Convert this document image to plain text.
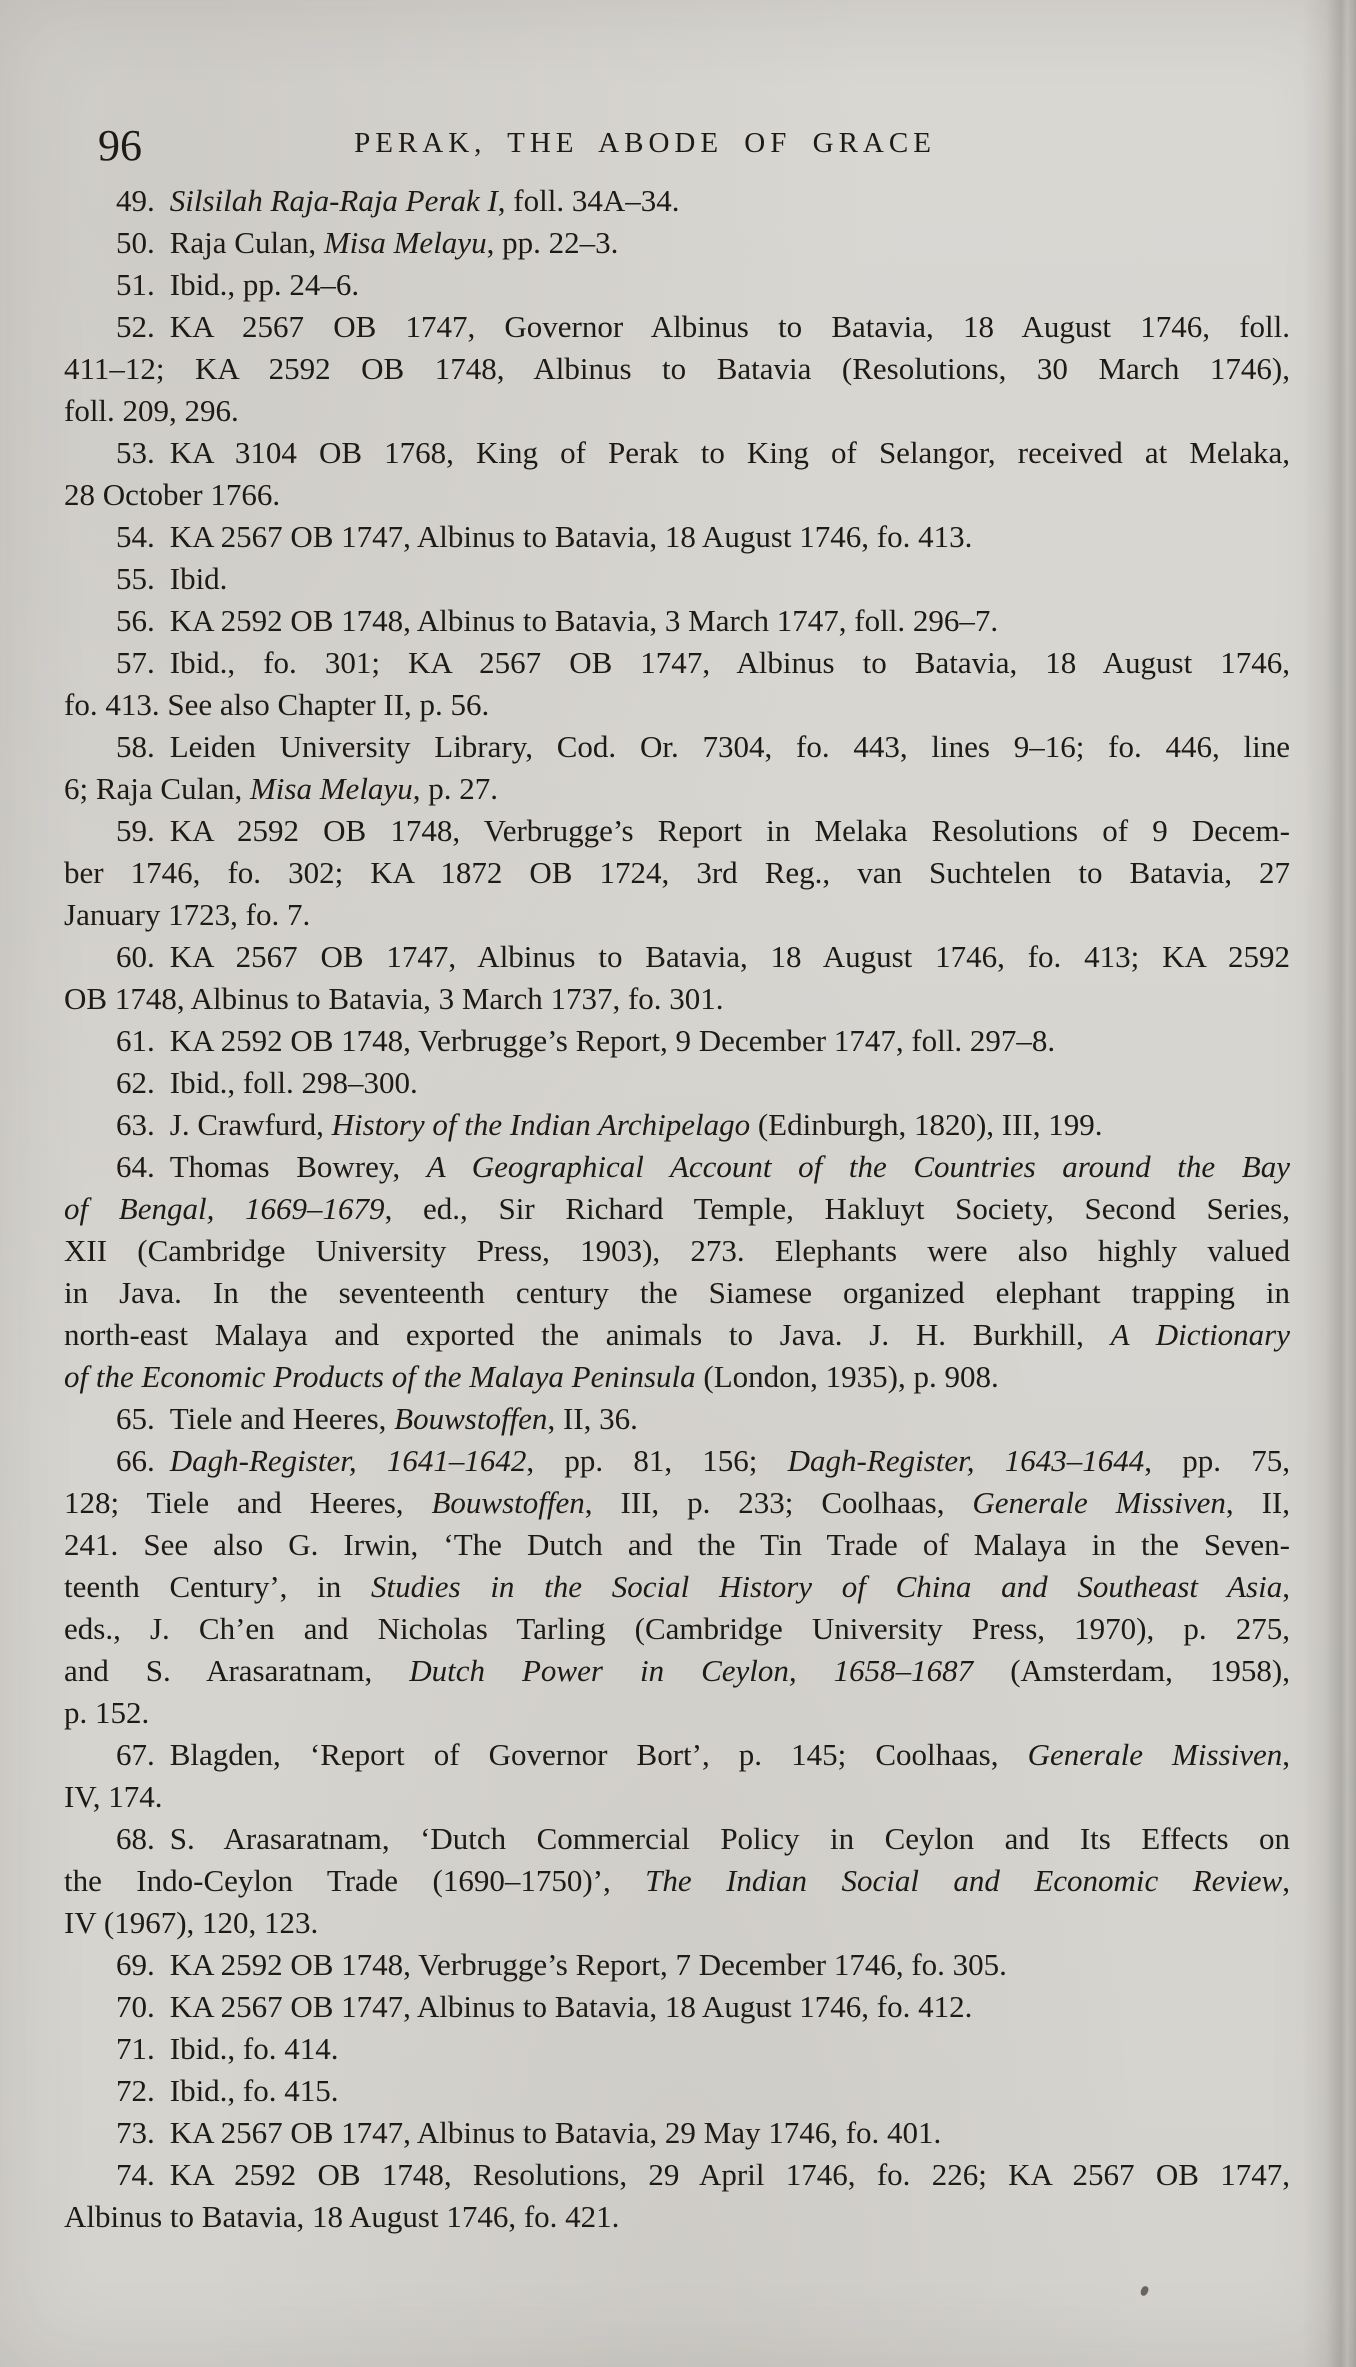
96	PERAK, THE ABODE OF GRACE
49. Silsilah Raja-Raja Perak I, foll. 34A–34.
50. Raja Culan, Misa Melayu, pp. 22–3.
51. Ibid., pp. 24–6.
52. KA 2567 OB 1747, Governor Albinus to Batavia, 18 August 1746, foll.
411–12; KA 2592 OB 1748, Albinus to Batavia (Resolutions, 30 March 1746),
foll. 209, 296.
53. KA 3104 OB 1768, King of Perak to King of Selangor, received at Melaka,
28 October 1766.
54. KA 2567 OB 1747, Albinus to Batavia, 18 August 1746, fo. 413.
55. Ibid.
56. KA 2592 OB 1748, Albinus to Batavia, 3 March 1747, foll. 296–7.
57. Ibid., fo. 301; KA 2567 OB 1747, Albinus to Batavia, 18 August 1746,
fo. 413. See also Chapter II, p. 56.
58. Leiden University Library, Cod. Or. 7304, fo. 443, lines 9–16; fo. 446, line
6; Raja Culan, Misa Melayu, p. 27.
59. KA 2592 OB 1748, Verbrugge’s Report in Melaka Resolutions of 9 Decem-
ber 1746, fo. 302; KA 1872 OB 1724, 3rd Reg., van Suchtelen to Batavia, 27
January 1723, fo. 7.
60. KA 2567 OB 1747, Albinus to Batavia, 18 August 1746, fo. 413; KA 2592
OB 1748, Albinus to Batavia, 3 March 1737, fo. 301.
61. KA 2592 OB 1748, Verbrugge’s Report, 9 December 1747, foll. 297–8.
62. Ibid., foll. 298–300.
63. J. Crawfurd, History of the Indian Archipelago (Edinburgh, 1820), III, 199.
64. Thomas Bowrey, A Geographical Account of the Countries around the Bay
of Bengal, 1669–1679, ed., Sir Richard Temple, Hakluyt Society, Second Series,
XII (Cambridge University Press, 1903), 273. Elephants were also highly valued
in Java. In the seventeenth century the Siamese organized elephant trapping in
north-east Malaya and exported the animals to Java. J. H. Burkhill, A Dictionary
of the Economic Products of the Malaya Peninsula (London, 1935), p. 908.
65. Tiele and Heeres, Bouwstoffen, II, 36.
66. Dagh-Register, 1641–1642, pp. 81, 156; Dagh-Register, 1643–1644, pp. 75,
128; Tiele and Heeres, Bouwstoffen, III, p. 233; Coolhaas, Generale Missiven, II,
241. See also G. Irwin, ‘The Dutch and the Tin Trade of Malaya in the Seven-
teenth Century’, in Studies in the Social History of China and Southeast Asia,
eds., J. Ch’en and Nicholas Tarling (Cambridge University Press, 1970), p. 275,
and S. Arasaratnam, Dutch Power in Ceylon, 1658–1687 (Amsterdam, 1958),
p. 152.
67. Blagden, ‘Report of Governor Bort’, p. 145; Coolhaas, Generale Missiven,
IV, 174.
68. S. Arasaratnam, ‘Dutch Commercial Policy in Ceylon and Its Effects on
the Indo-Ceylon Trade (1690–1750)’, The Indian Social and Economic Review,
IV (1967), 120, 123.
69. KA 2592 OB 1748, Verbrugge’s Report, 7 December 1746, fo. 305.
70. KA 2567 OB 1747, Albinus to Batavia, 18 August 1746, fo. 412.
71. Ibid., fo. 414.
72. Ibid., fo. 415.
73. KA 2567 OB 1747, Albinus to Batavia, 29 May 1746, fo. 401.
74. KA 2592 OB 1748, Resolutions, 29 April 1746, fo. 226; KA 2567 OB 1747,
Albinus to Batavia, 18 August 1746, fo. 421.
